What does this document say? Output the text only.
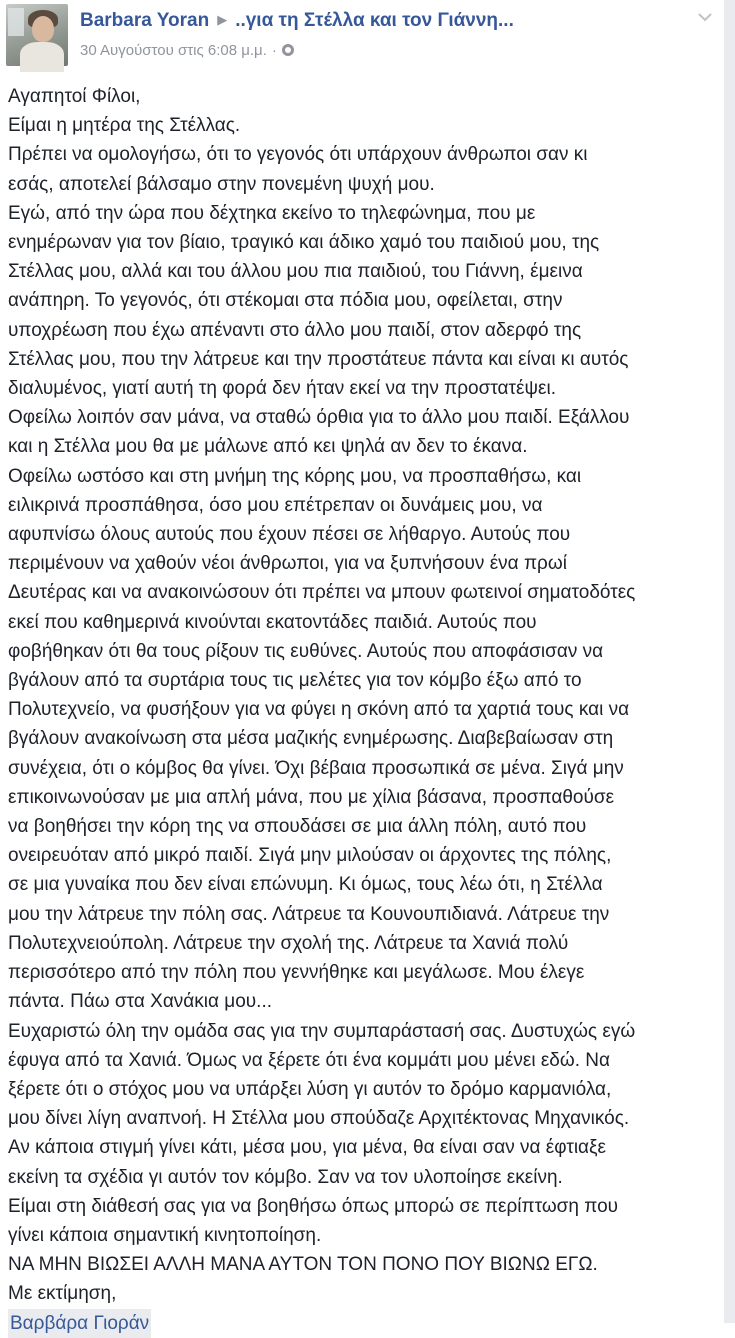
Barbara Yoran ▶ ..για τη Στέλλα και τον Γιάννη...
30 Αυγούστου στις 6:08 μ.μ. ·

Αγαπητοί Φίλοι,

Είμαι η μητέρα της Στέλλας.

Πρέπει να ομολογήσω, ότι το γεγονός ότι υπάρχουν άνθρωποι σαν κι

εσάς, αποτελεί βάλσαμο στην πονεμένη ψυχή μου.

Εγώ, από την ώρα που δέχτηκα εκείνο το τηλεφώνημα, που με

ενημέρωναν για τον βίαιο, τραγικό και άδικο χαμό του παιδιού μου, της

Στέλλας μου, αλλά και του άλλου μου πια παιδιού, του Γιάννη, έμεινα

ανάπηρη. Το γεγονός, ότι στέκομαι στα πόδια μου, οφείλεται, στην

υποχρέωση που έχω απέναντι στο άλλο μου παιδί, στον αδερφό της

Στέλλας μου, που την λάτρευε και την προστάτευε πάντα και είναι κι αυτός

διαλυμένος, γιατί αυτή τη φορά δεν ήταν εκεί να την προστατέψει.

Οφείλω λοιπόν σαν μάνα, να σταθώ όρθια για το άλλο μου παιδί. Εξάλλου

και η Στέλλα μου θα με μάλωνε από κει ψηλά αν δεν το έκανα.

Οφείλω ωστόσο και στη μνήμη της κόρης μου, να προσπαθήσω, και

ειλικρινά προσπάθησα, όσο μου επέτρεπαν οι δυνάμεις μου, να

αφυπνίσω όλους αυτούς που έχουν πέσει σε λήθαργο. Αυτούς που

περιμένουν να χαθούν νέοι άνθρωποι, για να ξυπνήσουν ένα πρωί

Δευτέρας και να ανακοινώσουν ότι πρέπει να μπουν φωτεινοί σηματοδότες

εκεί που καθημερινά κινούνται εκατοντάδες παιδιά. Αυτούς που

φοβήθηκαν ότι θα τους ρίξουν τις ευθύνες. Αυτούς που αποφάσισαν να

βγάλουν από τα συρτάρια τους τις μελέτες για τον κόμβο έξω από το

Πολυτεχνείο, να φυσήξουν για να φύγει η σκόνη από τα χαρτιά τους και να

βγάλουν ανακοίνωση στα μέσα μαζικής ενημέρωσης. Διαβεβαίωσαν στη

συνέχεια, ότι ο κόμβος θα γίνει. Όχι βέβαια προσωπικά σε μένα. Σιγά μην

επικοινωνούσαν με μια απλή μάνα, που με χίλια βάσανα, προσπαθούσε

να βοηθήσει την κόρη της να σπουδάσει σε μια άλλη πόλη, αυτό που

ονειρευόταν από μικρό παιδί. Σιγά μην μιλούσαν οι άρχοντες της πόλης,

σε μια γυναίκα που δεν είναι επώνυμη. Κι όμως, τους λέω ότι, η Στέλλα

μου την λάτρευε την πόλη σας. Λάτρευε τα Κουνουπιδιανά. Λάτρευε την

Πολυτεχνειούπολη. Λάτρευε την σχολή της. Λάτρευε τα Χανιά πολύ

περισσότερο από την πόλη που γεννήθηκε και μεγάλωσε. Μου έλεγε

πάντα. Πάω στα Χανάκια μου...

Ευχαριστώ όλη την ομάδα σας για την συμπαράστασή σας. Δυστυχώς εγώ

έφυγα από τα Χανιά. Όμως να ξέρετε ότι ένα κομμάτι μου μένει εδώ. Να

ξέρετε ότι ο στόχος μου να υπάρξει λύση γι αυτόν το δρόμο καρμανιόλα,

μου δίνει λίγη αναπνοή. Η Στέλλα μου σπούδαζε Αρχιτέκτονας Μηχανικός.

Αν κάποια στιγμή γίνει κάτι, μέσα μου, για μένα, θα είναι σαν να έφτιαξε

εκείνη τα σχέδια γι αυτόν τον κόμβο. Σαν να τον υλοποίησε εκείνη.

Είμαι στη διάθεσή σας για να βοηθήσω όπως μπορώ σε περίπτωση που

γίνει κάποια σημαντική κινητοποίηση.

ΝΑ ΜΗΝ ΒΙΩΣΕΙ ΑΛΛΗ ΜΑΝΑ ΑΥΤΟΝ ΤΟΝ ΠΟΝΟ ΠΟΥ ΒΙΩΝΩ ΕΓΩ.

Με εκτίμηση,

Βαρβάρα Γιοράν
